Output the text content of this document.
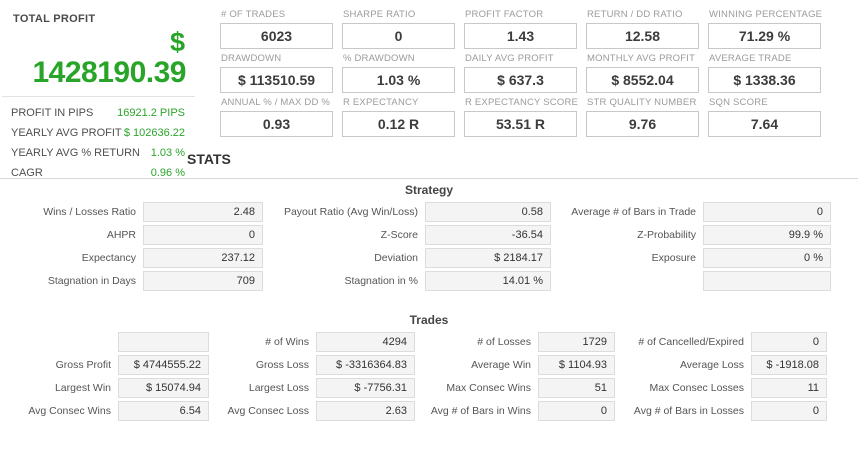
TOTAL PROFIT
$
1428190.39
PROFIT IN PIPS 16921.2 PIPS
YEARLY AVG PROFIT $ 102636.22
YEARLY AVG % RETURN 1.03 %
CAGR	0.96 %
# OF TRADES
6023
SHARPE RATIO
0
PROFIT FACTOR
1.43
RETURN / DD RATIO
12.58
WINNING PERCENTAGE
71.29 %
DRAWDOWN
$ 113510.59
% DRAWDOWN
1.03 %
DAILY AVG PROFIT
$ 637.3
MONTHLY AVG PROFIT
$ 8552.04
AVERAGE TRADE
$ 1338.36
ANNUAL % / MAX DD %
0.93
R EXPECTANCY
0.12 R
R EXPECTANCY SCORE
53.51 R
STR QUALITY NUMBER
9.76
SQN SCORE
7.64
STATS
Strategy
Wins / Losses Ratio	2.48	Payout Ratio (Avg Win/Loss)	0.58	Average # of Bars in Trade	0
AHPR	0	Z-Score	-36.54	Z-Probability	99.9 %
Expectancy	237.12	Deviation	$ 2184.17	Exposure	0 %
Stagnation in Days	709	Stagnation in %	14.01 %
Trades
# of Wins	4294	# of Losses	1729	# of Cancelled/Expired	0
Gross Profit	$ 4744555.22	Gross Loss	$ -3316364.83	Average Win	$ 1104.93	Average Loss	$ -1918.08
Largest Win	$ 15074.94	Largest Loss	$ -7756.31	Max Consec Wins	51	Max Consec Losses	11
Avg Consec Wins	6.54	Avg Consec Loss	2.63	Avg # of Bars in Wins	0	Avg # of Bars in Losses	0
